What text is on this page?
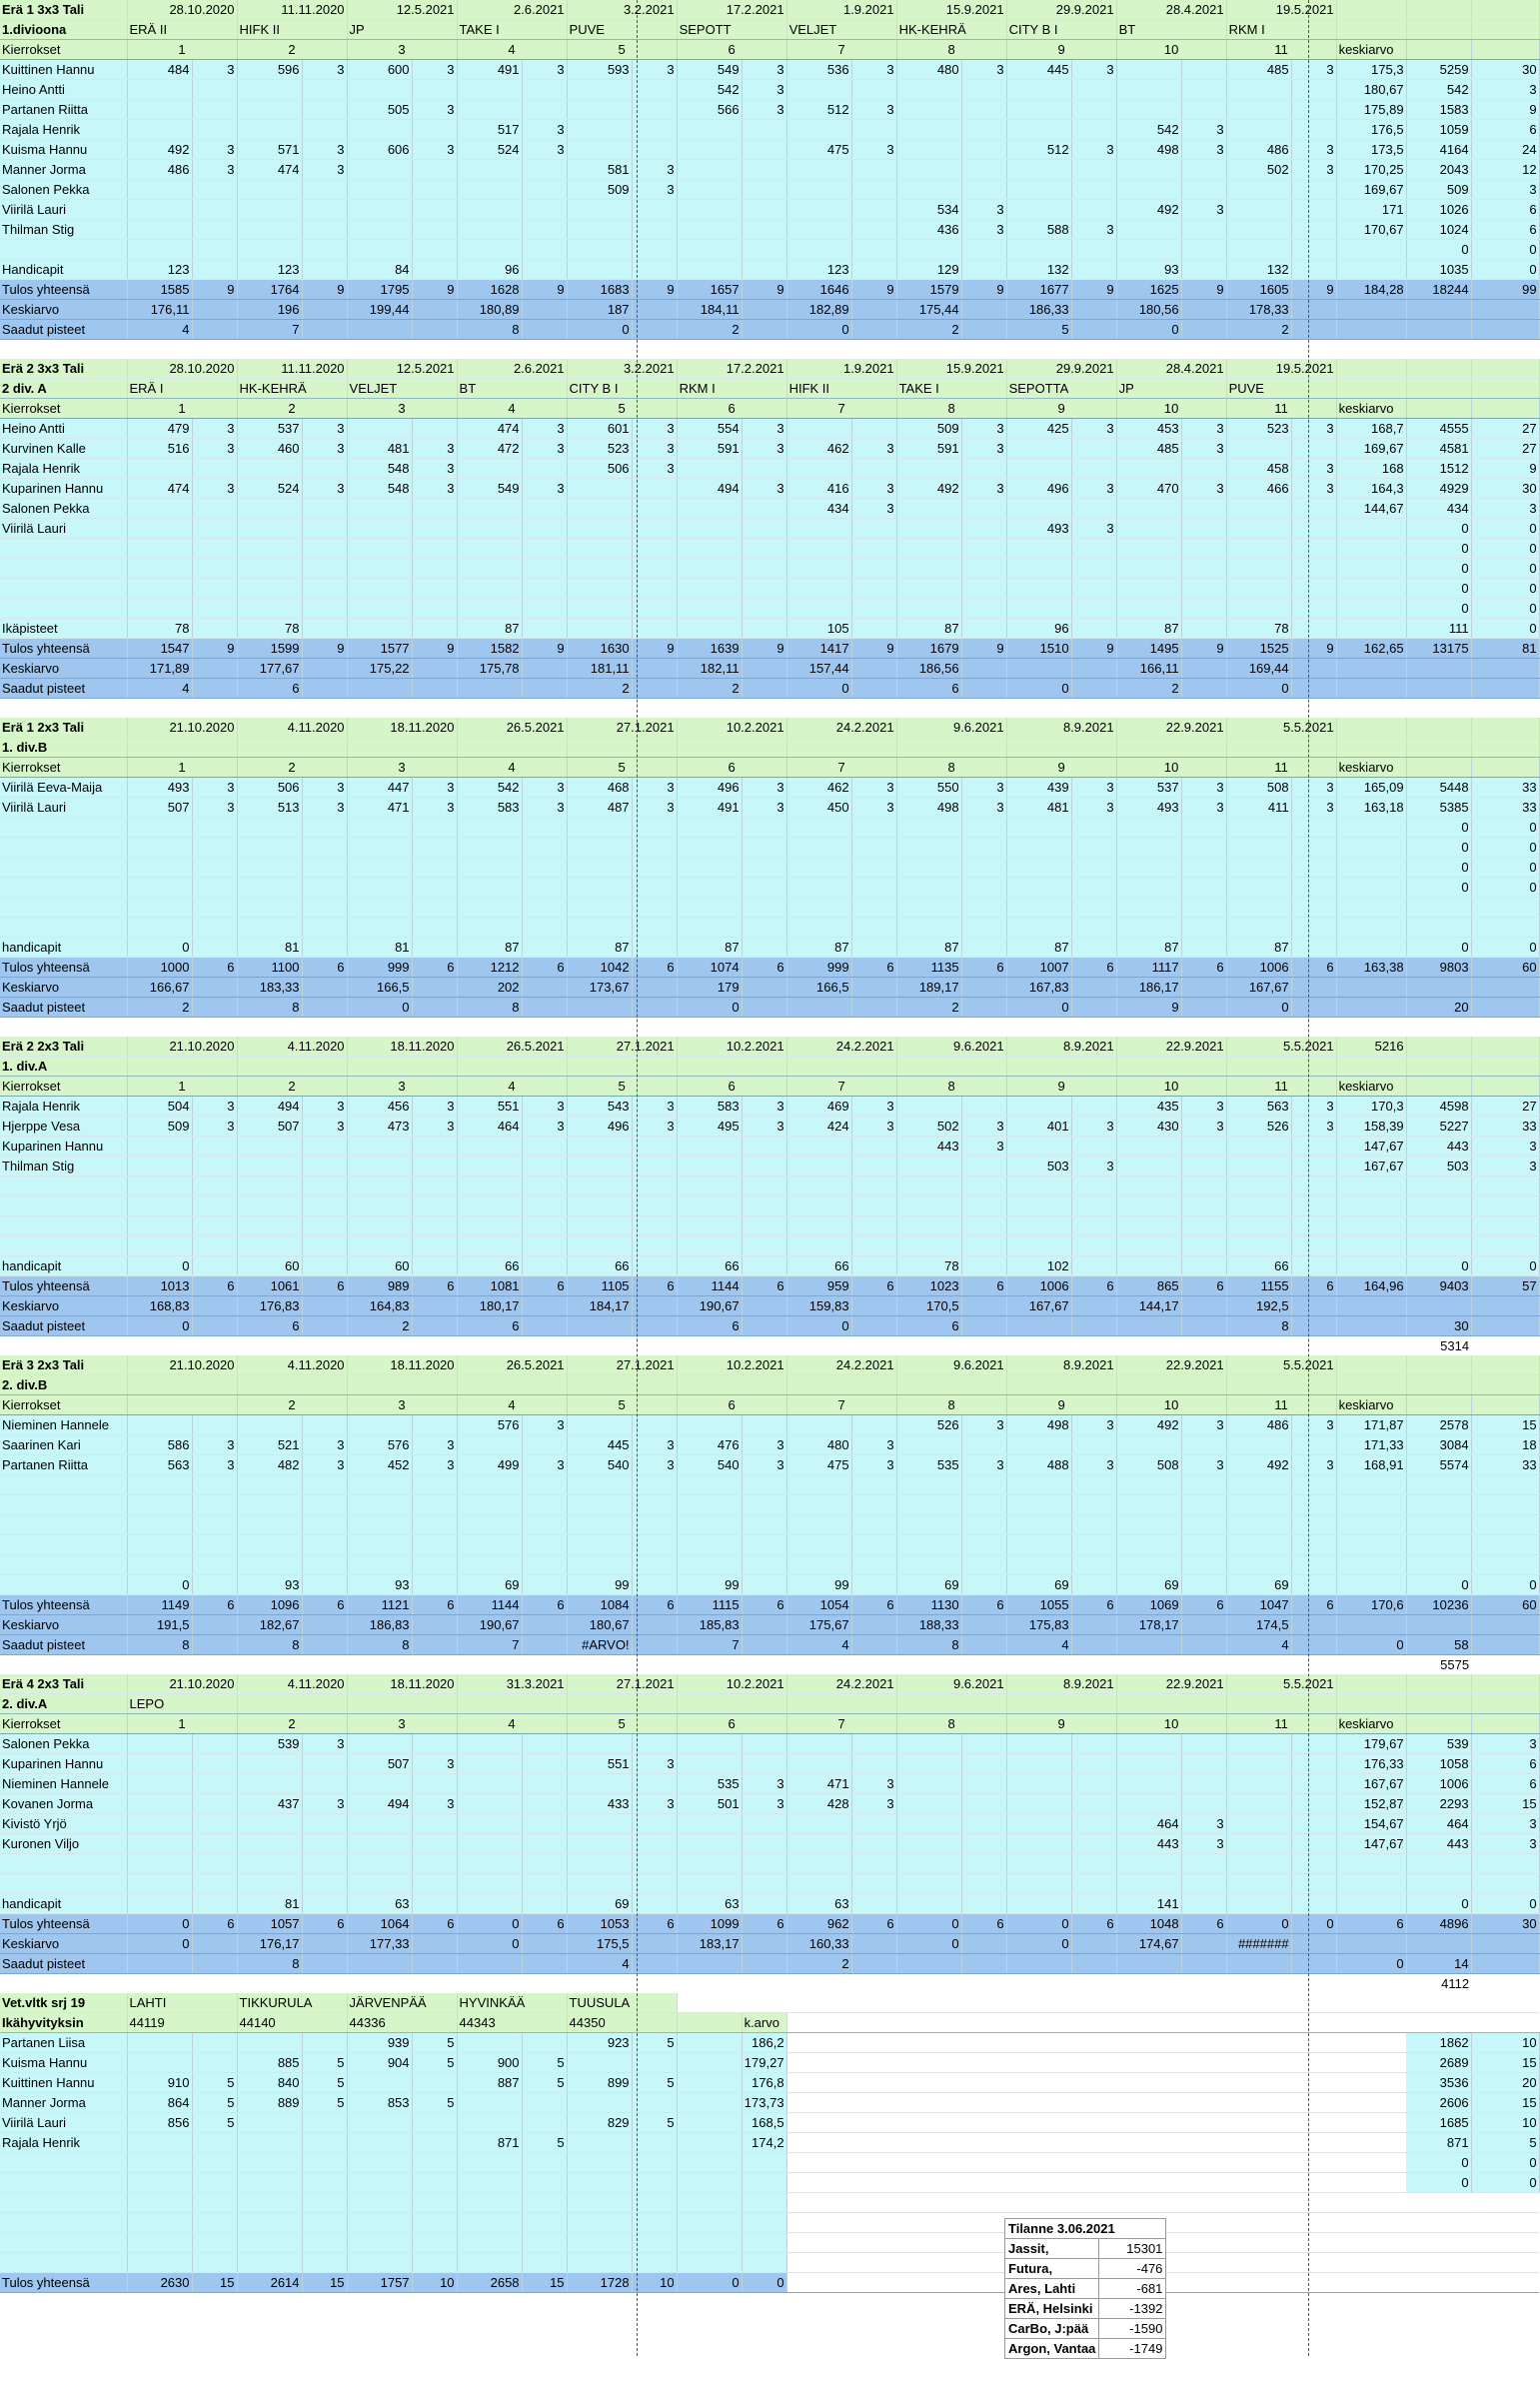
Erä 1 3x3 Tali	28.10.2020		11.11.2020		12.5.2021		2.6.2021		3.2.2021		17.2.2021		1.9.2021		15.9.2021		29.9.2021		28.4.2021		19.5.2021				
1.divioona	ERÄ II		HIFK II		JP		TAKE I		PUVE		SEPOTT		VELJET		HK-KEHRÄ		CITY B I		BT		RKM I				
Kierrokset	1		2		3		4		5		6		7		8		9		10		11		keskiarvo		
Kuittinen Hannu	484	3	596	3	600	3	491	3	593	3	549	3	536	3	480	3	445	3			485	3	175,3	5259	30
Heino Antti											542	3											180,67	542	3
Partanen Riitta					505	3					566	3	512	3									175,89	1583	9
Rajala Henrik							517	3											542	3			176,5	1059	6
Kuisma Hannu	492	3	571	3	606	3	524	3					475	3			512	3	498	3	486	3	173,5	4164	24
Manner Jorma	486	3	474	3					581	3											502	3	170,25	2043	12
Salonen Pekka									509	3													169,67	509	3
Viirilä Lauri															534	3			492	3			171	1026	6
Thilman Stig															436	3	588	3					170,67	1024	6
																								0	0
Handicapit	123		123		84		96						123		129		132		93		132			1035	0
Tulos yhteensä	1585	9	1764	9	1795	9	1628	9	1683	9	1657	9	1646	9	1579	9	1677	9	1625	9	1605	9	184,28	18244	99
Keskiarvo	176,11		196		199,44		180,89		187		184,11		182,89		175,44		186,33		180,56		178,33				
Saadut pisteet	4		7				8		0		2		0		2		5		0		2				

Erä 2 3x3 Tali	28.10.2020		11.11.2020		12.5.2021		2.6.2021		3.2.2021		17.2.2021		1.9.2021		15.9.2021		29.9.2021		28.4.2021		19.5.2021				
2 div. A	ERÄ I		HK-KEHRÄ		VELJET		BT		CITY B I		RKM I		HIFK II		TAKE I		SEPOTTA		JP		PUVE				
Kierrokset	1		2		3		4		5		6		7		8		9		10		11		keskiarvo		
Heino Antti	479	3	537	3			474	3	601	3	554	3			509	3	425	3	453	3	523	3	168,7	4555	27
Kurvinen Kalle	516	3	460	3	481	3	472	3	523	3	591	3	462	3	591	3			485	3			169,67	4581	27
Rajala Henrik					548	3			506	3											458	3	168	1512	9
Kuparinen Hannu	474	3	524	3	548	3	549	3			494	3	416	3	492	3	496	3	470	3	466	3	164,3	4929	30
Salonen Pekka													434	3									144,67	434	3
Viirilä Lauri																	493	3						0	0
																								0	0
																								0	0
																								0	0
																								0	0
Ikäpisteet	78		78				87						105		87		96		87		78			111	0
Tulos yhteensä	1547	9	1599	9	1577	9	1582	9	1630	9	1639	9	1417	9	1679	9	1510	9	1495	9	1525	9	162,65	13175	81
Keskiarvo	171,89		177,67		175,22		175,78		181,11		182,11		157,44		186,56				166,11		169,44				
Saadut pisteet	4		6						2		2		0		6		0		2		0				

Erä 1 2x3 Tali	21.10.2020		4.11.2020		18.11.2020		26.5.2021		27.1.2021		10.2.2021		24.2.2021		9.6.2021		8.9.2021		22.9.2021		5.5.2021				
1. div.B																									
Kierrokset	1		2		3		4		5		6		7		8		9		10		11		keskiarvo		
Viirilä Eeva-Maija	493	3	506	3	447	3	542	3	468	3	496	3	462	3	550	3	439	3	537	3	508	3	165,09	5448	33
Viirilä Lauri	507	3	513	3	471	3	583	3	487	3	491	3	450	3	498	3	481	3	493	3	411	3	163,18	5385	33
																								0	0
																								0	0
																								0	0
																								0	0

handicapit	0		81		81		87		87		87		87		87		87		87		87			0	0
Tulos yhteensä	1000	6	1100	6	999	6	1212	6	1042	6	1074	6	999	6	1135	6	1007	6	1117	6	1006	6	163,38	9803	60
Keskiarvo	166,67		183,33		166,5		202		173,67		179		166,5		189,17		167,83		186,17		167,67				
Saadut pisteet	2		8		0		8				0				2		0		9		0			20	

Erä 2 2x3 Tali	21.10.2020		4.11.2020		18.11.2020		26.5.2021		27.1.2021		10.2.2021		24.2.2021		9.6.2021		8.9.2021		22.9.2021		5.5.2021		5216		
1. div.A																									
Kierrokset	1		2		3		4		5		6		7		8		9		10		11		keskiarvo		
Rajala Henrik	504	3	494	3	456	3	551	3	543	3	583	3	469	3					435	3	563	3	170,3	4598	27
Hjerppe Vesa	509	3	507	3	473	3	464	3	496	3	495	3	424	3	502	3	401	3	430	3	526	3	158,39	5227	33
Kuparinen Hannu															443	3							147,67	443	3
Thilman Stig																	503	3					167,67	503	3

handicapit	0		60		60		66		66		66		66		78		102				66			0	0
Tulos yhteensä	1013	6	1061	6	989	6	1081	6	1105	6	1144	6	959	6	1023	6	1006	6	865	6	1155	6	164,96	9403	57
Keskiarvo	168,83		176,83		164,83		180,17		184,17		190,67		159,83		170,5		167,67		144,17		192,5				
Saadut pisteet	0		6		2		6				6		0		6						8			30	
																								5314	
Erä 3 2x3 Tali	21.10.2020		4.11.2020		18.11.2020		26.5.2021		27.1.2021		10.2.2021		24.2.2021		9.6.2021		8.9.2021		22.9.2021		5.5.2021				
2. div.B																									
Kierrokset			2		3		4		5		6		7		8		9		10		11		keskiarvo		
Nieminen Hannele							576	3							526	3	498	3	492	3	486	3	171,87	2578	15
Saarinen Kari	586	3	521	3	576	3			445	3	476	3	480	3									171,33	3084	18
Partanen Riitta	563	3	482	3	452	3	499	3	540	3	540	3	475	3	535	3	488	3	508	3	492	3	168,91	5574	33

	0		93		93		69		99		99		99		69		69		69		69			0	0
Tulos yhteensä	1149	6	1096	6	1121	6	1144	6	1084	6	1115	6	1054	6	1130	6	1055	6	1069	6	1047	6	170,6	10236	60
Keskiarvo	191,5		182,67		186,83		190,67		180,67		185,83		175,67		188,33		175,83		178,17		174,5				
Saadut pisteet	8		8		8		7		#ARVO!		7		4		8		4				4		0	58	
																								5575	
Erä 4 2x3 Tali	21.10.2020		4.11.2020		18.11.2020		31.3.2021		27.1.2021		10.2.2021		24.2.2021		9.6.2021		8.9.2021		22.9.2021		5.5.2021				
2. div.A	LEPO																								
Kierrokset	1		2		3		4		5		6		7		8		9		10		11		keskiarvo		
Salonen Pekka			539	3																			179,67	539	3
Kuparinen Hannu					507	3			551	3													176,33	1058	6
Nieminen Hannele											535	3	471	3									167,67	1006	6
Kovanen Jorma			437	3	494	3			433	3	501	3	428	3									152,87	2293	15
Kivistö Yrjö																			464	3			154,67	464	3
Kuronen Viljo																			443	3			147,67	443	3

handicapit			81		63				69		63		63						141					0	0
Tulos yhteensä	0	6	1057	6	1064	6	0	6	1053	6	1099	6	962	6	0	6	0	6	1048	6	0	0	6	4896	30
Keskiarvo	0		176,17		177,33		0		175,5		183,17		160,33		0		0		174,67		#######				
Saadut pisteet			8						4				2										0	14	
																								4112	
Vet.vltk srj 19	LAHTI		TIKKURULA		JÄRVENPÄÄ		HYVINKÄÄ		TUUSULA																
Ikähyvityksin	44119		44140		44336		44343		44350			k.arvo													
Partanen Liisa					939	5			923	5		186,2												1862	10
Kuisma Hannu			885	5	904	5	900	5				179,27												2689	15
Kuittinen Hannu	910	5	840	5			887	5	899	5		176,8												3536	20
Manner Jorma	864	5	889	5	853	5						173,73												2606	15
Viirilä Lauri	856	5							829	5		168,5												1685	10
Rajala Henrik							871	5				174,2												871	5
																								0	0
																								0	0

Tulos yhteensä	2630	15	2614	15	1757	10	2658	15	1728	10	0	0													

Tilanne 3.06.2021	
Jassit,	15301
Futura,	-476
Ares, Lahti	-681
ERÄ, Helsinki	-1392
CarBo, J:pää	-1590
Argon, Vantaa	-1749
